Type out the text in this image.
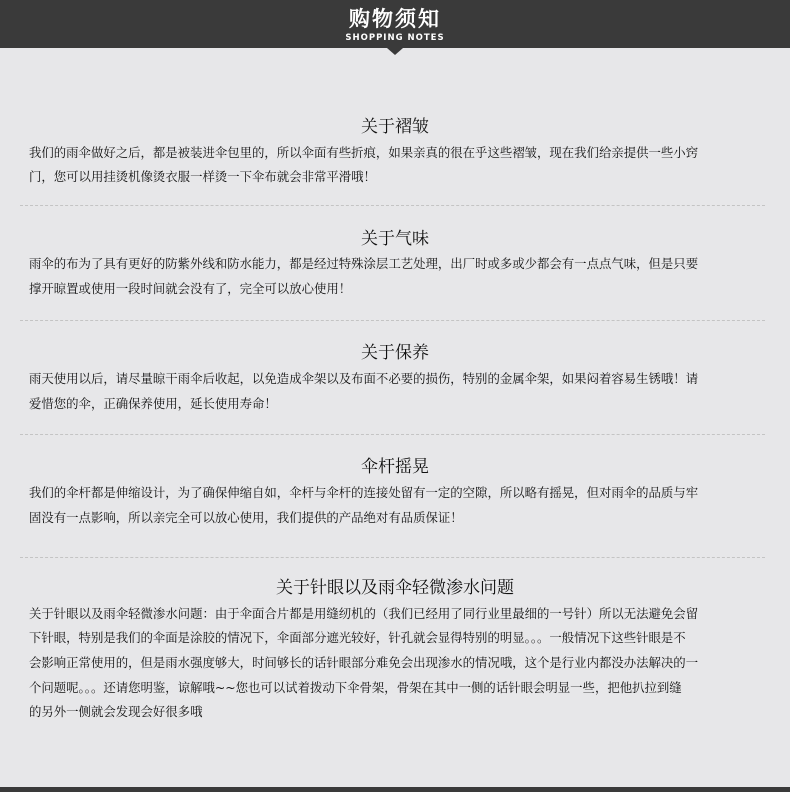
购物须知
SHOPPING NOTES
关于褶皱
我们的雨伞做好之后，都是被装进伞包里的，所以伞面有些折痕，如果亲真的很在乎这些褶皱，现在我们给亲提供一些小窍
门，您可以用挂烫机像烫衣服一样烫一下伞布就会非常平滑哦！
关于气味
雨伞的布为了具有更好的防紫外线和防水能力，都是经过特殊涂层工艺处理，出厂时或多或少都会有一点点气味，但是只要
撑开晾置或使用一段时间就会没有了，完全可以放心使用！
关于保养
雨天使用以后，请尽量晾干雨伞后收起，以免造成伞架以及布面不必要的损伤，特别的金属伞架，如果闷着容易生锈哦！请
爱惜您的伞，正确保养使用，延长使用寿命！
伞杆摇晃
我们的伞杆都是伸缩设计，为了确保伸缩自如，伞杆与伞杆的连接处留有一定的空隙，所以略有摇晃，但对雨伞的品质与牢
固没有一点影响，所以亲完全可以放心使用，我们提供的产品绝对有品质保证！
关于针眼以及雨伞轻微渗水问题
关于针眼以及雨伞轻微渗水问题：由于伞面合片都是用缝纫机的（我们已经用了同行业里最细的一号针）所以无法避免会留
下针眼，特别是我们的伞面是涂胶的情况下，伞面部分遮光较好，针孔就会显得特别的明显。。。一般情况下这些针眼是不
会影响正常使用的，但是雨水强度够大，时间够长的话针眼部分难免会出现渗水的情况哦，这个是行业内都没办法解决的一
个问题呢。。。还请您明鉴，谅解哦~~您也可以试着拨动下伞骨架，骨架在其中一侧的话针眼会明显一些，把他扒拉到缝
的另外一侧就会发现会好很多哦
